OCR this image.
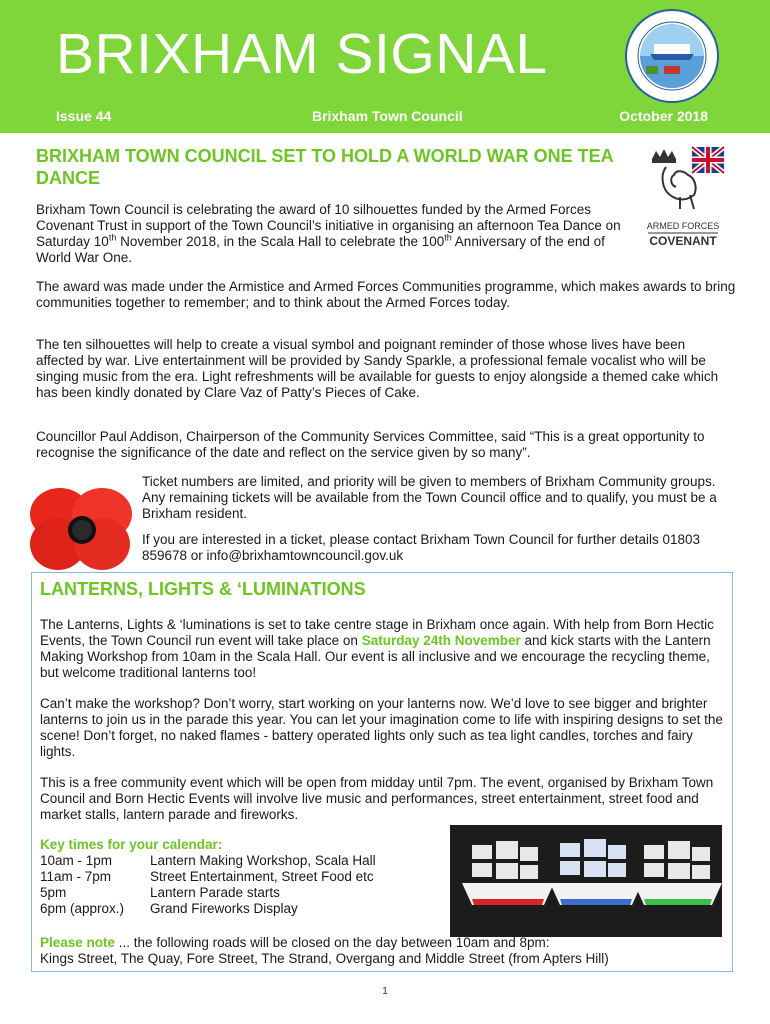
BRIXHAM SIGNAL
Issue 44	Brixham Town Council	October 2018
BRIXHAM TOWN COUNCIL SET TO HOLD A WORLD WAR ONE TEA DANCE

Brixham Town Council is celebrating the award of 10 silhouettes funded by the Armed Forces Covenant Trust in support of the Town Council’s initiative in organising an afternoon Tea Dance on Saturday 10th November 2018, in the Scala Hall to celebrate the 100th Anniversary of the end of World War One.

The award was made under the Armistice and Armed Forces Communities programme, which makes awards to bring communities together to remember; and to think about the Armed Forces today.

The ten silhouettes will help to create a visual symbol and poignant reminder of those whose lives have been affected by war. Live entertainment will be provided by Sandy Sparkle, a professional female vocalist who will be singing music from the era. Light refreshments will be available for guests to enjoy alongside a themed cake which has been kindly donated by Clare Vaz of Patty’s Pieces of Cake.

Councillor Paul Addison, Chairperson of the Community Services Committee, said “This is a great opportunity to recognise the significance of the date and reflect on the service given by so many”.

Ticket numbers are limited, and priority will be given to members of Brixham Community groups. Any remaining tickets will be available from the Town Council office and to qualify, you must be a Brixham resident.

If you are interested in a ticket, please contact Brixham Town Council for further details 01803 859678 or info@brixhamtowncouncil.gov.uk

ARMED FORCES
COVENANT
LANTERNS, LIGHTS & ‘LUMINATIONS

The Lanterns, Lights & ‘luminations is set to take centre stage in Brixham once again. With help from Born Hectic Events, the Town Council run event will take place on Saturday 24th November and kick starts with the Lantern Making Workshop from 10am in the Scala Hall. Our event is all inclusive and we encourage the recycling theme, but welcome traditional lanterns too!

Can’t make the workshop? Don’t worry, start working on your lanterns now. We’d love to see bigger and brighter lanterns to join us in the parade this year. You can let your imagination come to life with inspiring designs to set the scene! Don’t forget, no naked flames - battery operated lights only such as tea light candles, torches and fairy lights.

This is a free community event which will be open from midday until 7pm. The event, organised by Brixham Town Council and Born Hectic Events will involve live music and performances, street entertainment, street food and market stalls, lantern parade and fireworks.

Key times for your calendar:
10am - 1pm	Lantern Making Workshop, Scala Hall
11am - 7pm	Street Entertainment, Street Food etc
5pm	Lantern Parade starts
6pm (approx.)	Grand Fireworks Display
Please note ... the following roads will be closed on the day between 10am and 8pm:
Kings Street, The Quay, Fore Street, The Strand, Overgang and Middle Street (from Apters Hill)
1
